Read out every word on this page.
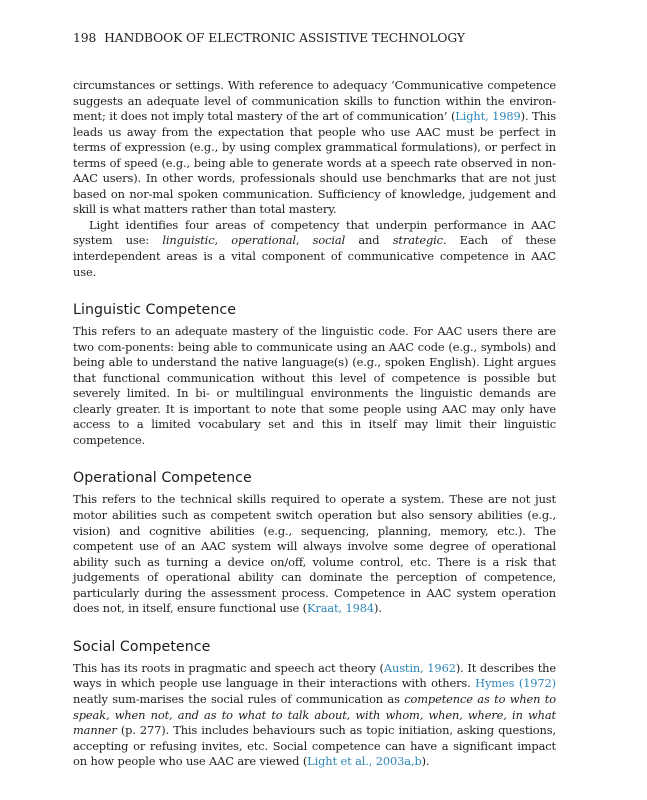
198 HANDBOOK OF ELECTRONIC ASSISTIVE TECHNOLOGY

circumstances or settings. With reference to adequacy ‘Communicative competence suggests an adequate level of communication skills to function within the environ-ment; it does not imply total mastery of the art of communication’ (Light, 1989). This leads us away from the expectation that people who use AAC must be perfect in terms of expression (e.g., by using complex grammatical formulations), or perfect in terms of speed (e.g., being able to generate words at a speech rate observed in non-AAC users). In other words, professionals should use benchmarks that are not just based on nor-mal spoken communication. Sufficiency of knowledge, judgement and skill is what matters rather than total mastery.

Light identifies four areas of competency that underpin performance in AAC system use: linguistic, operational, social and strategic. Each of these interdependent areas is a vital component of communicative competence in AAC use.

Linguistic Competence

This refers to an adequate mastery of the linguistic code. For AAC users there are two com-ponents: being able to communicate using an AAC code (e.g., symbols) and being able to understand the native language(s) (e.g., spoken English). Light argues that functional communication without this level of competence is possible but severely limited. In bi- or multilingual environments the linguistic demands are clearly greater. It is important to note that some people using AAC may only have access to a limited vocabulary set and this in itself may limit their linguistic competence.

Operational Competence

This refers to the technical skills required to operate a system. These are not just motor abilities such as competent switch operation but also sensory abilities (e.g., vision) and cognitive abilities (e.g., sequencing, planning, memory, etc.). The competent use of an AAC system will always involve some degree of operational ability such as turning a device on/off, volume control, etc. There is a risk that judgements of operational ability can dominate the perception of competence, particularly during the assessment process. Competence in AAC system operation does not, in itself, ensure functional use (Kraat, 1984).

Social Competence

This has its roots in pragmatic and speech act theory (Austin, 1962). It describes the ways in which people use language in their interactions with others. Hymes (1972) neatly sum-marises the social rules of communication as competence as to when to speak, when not, and as to what to talk about, with whom, when, where, in what manner (p. 277). This includes behaviours such as topic initiation, asking questions, accepting or refusing invites, etc. Social competence can have a significant impact on how people who use AAC are viewed (Light et al., 2003a,b).
